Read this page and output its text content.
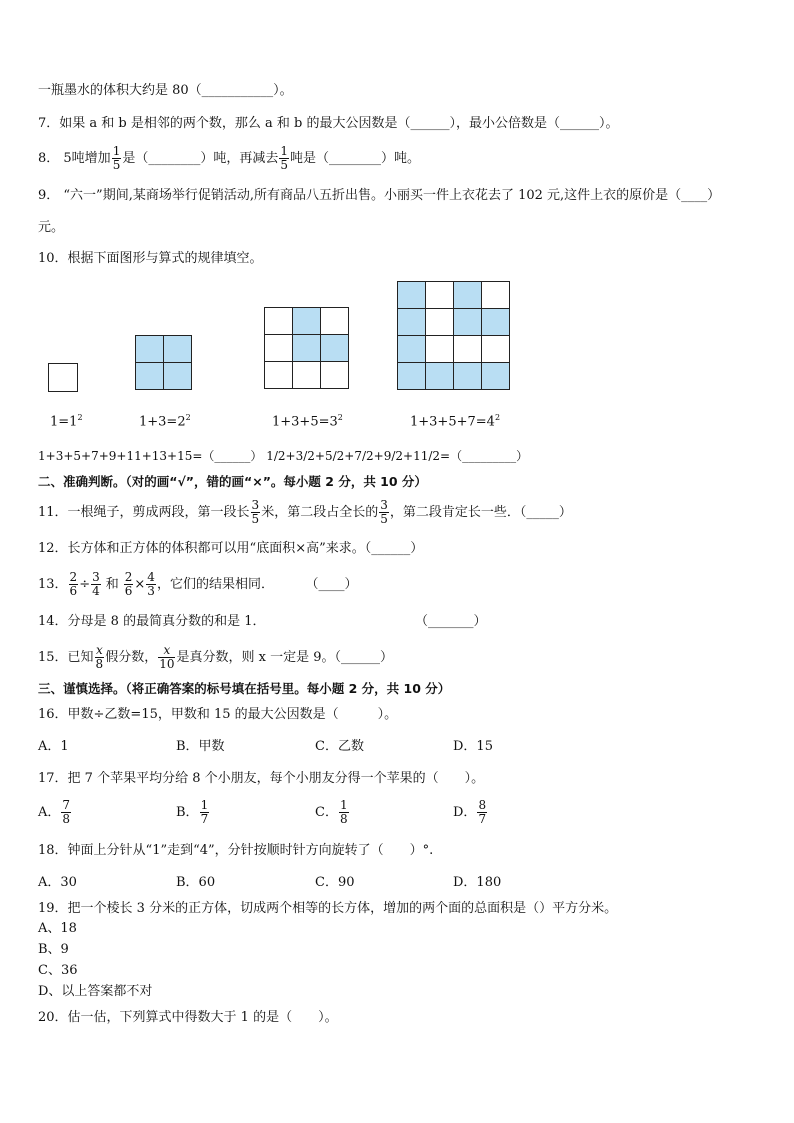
一瓶墨水的体积大约是 80（___________）。
7．如果 a 和 b 是相邻的两个数，那么 a 和 b 的最大公因数是（______），最小公倍数是（______）。
8． 5吨增加 $\frac{1}{5}$ 是（________）吨，再减去 $\frac{1}{5}$ 吨是（________）吨。
9． “六一”期间,某商场举行促销活动,所有商品八五折出售。小丽买一件上衣花去了 102 元,这件上衣的原价是（____）
元。
10．根据下面图形与算式的规律填空。

$1=1^2$	$1+3=2^2$	$1+3+5=3^2$	$1+3+5+7=4^2$
1+3+5+7+9+11+13+15=（______） 1/2+3/2+5/2+7/2+9/2+11/2=（_________）
二、准确判断。（对的画“√”，错的画“×”。每小题 2 分，共 10 分）
11．一根绳子，剪成两段，第一段长 $\frac{3}{5}$ 米，第二段占全长的 $\frac{3}{5}$ ，第二段肯定长一些．（_____）
12．长方体和正方体的体积都可以用“底面积×高”来求。（______）
13． $\frac{2}{6} \div \frac{3}{4}$ 和 $\frac{2}{6} \times \frac{4}{3}$ ，它们的结果相同．	（____）
14．分母是 8 的最简真分数的和是 1．	（_______）
15．已知 $\frac{x}{8}$ 假分数， $\frac{x}{10}$ 是真分数，则 x 一定是 9。（______）
三、谨慎选择。（将正确答案的标号填在括号里。每小题 2 分，共 10 分）
16．甲数÷乙数=15，甲数和 15 的最大公因数是（　　　）。
A．1	B．甲数	C．乙数	D．15
17．把 7 个苹果平均分给 8 个小朋友，每个小朋友分得一个苹果的（　　）。
A． $\frac{7}{8}$	B． $\frac{1}{7}$	C． $\frac{1}{8}$	D． $\frac{8}{7}$
18．钟面上分针从“1”走到“4”，分针按顺时针方向旋转了（　　）°.
A．30	B．60	C．90	D．180
19．把一个棱长 3 分米的正方体，切成两个相等的长方体，增加的两个面的总面积是（）平方分米。
A、18
B、9
C、36
D、以上答案都不对
20．估一估，下列算式中得数大于 1 的是（　　）。
